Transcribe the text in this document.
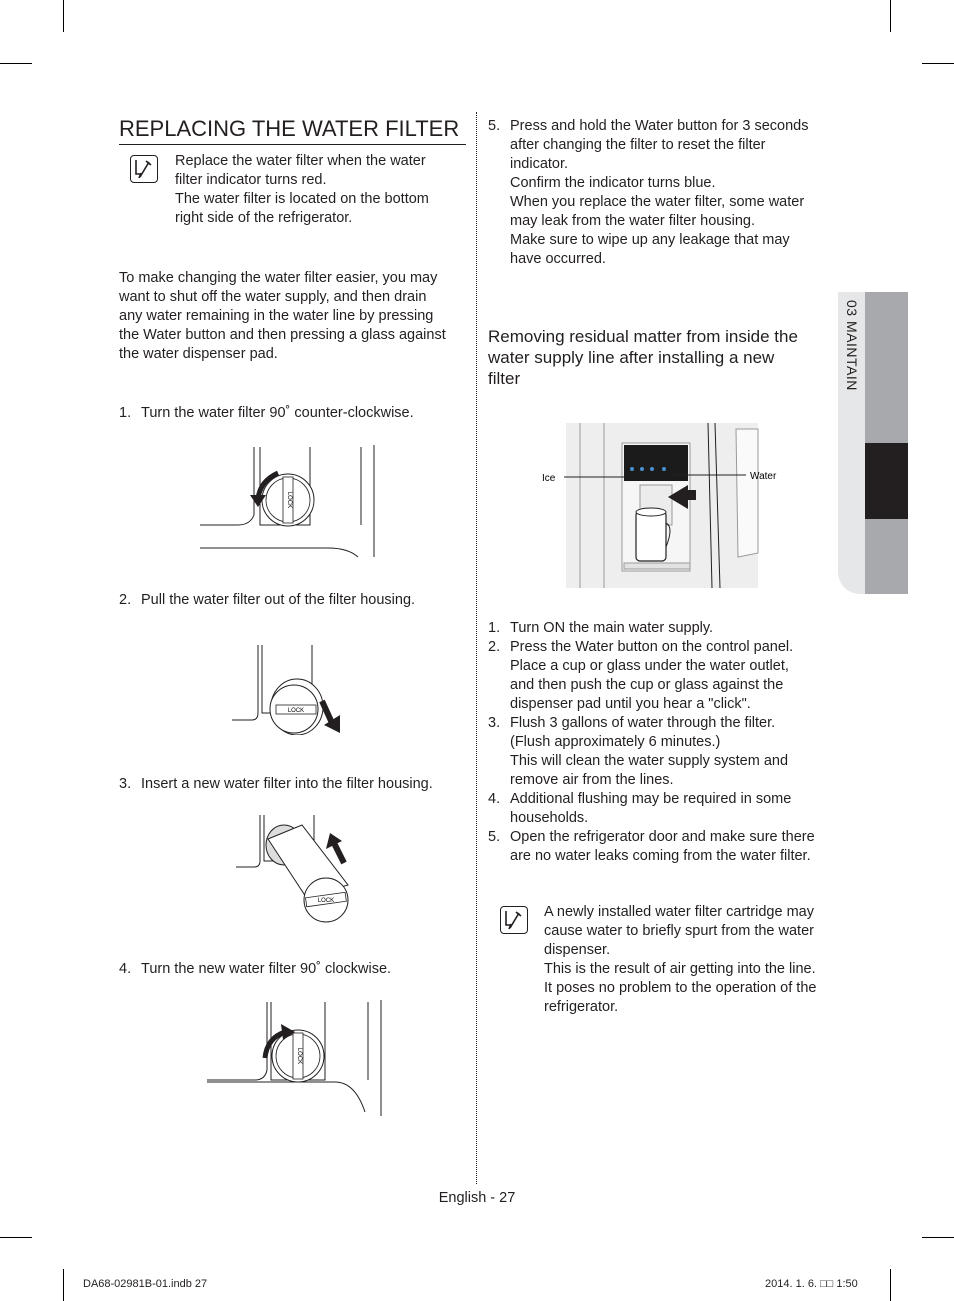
REPLACING THE WATER FILTER
Replace the water filter when the water
filter indicator turns red.
The water filter is located on the bottom
right side of the refrigerator.
To make changing the water filter easier, you may
want to shut off the water supply, and then drain
any water remaining in the water line by pressing
the Water button and then pressing a glass against
the water dispenser pad.
1. Turn the water filter 90˚ counter-clockwise.
LOCK
2. Pull the water filter out of the filter housing.
LOCK
3. Insert a new water filter into the filter housing.
LOCK
4. Turn the new water filter 90˚ clockwise.
LOCK
5. Press and hold the Water button for 3 seconds
after changing the filter to reset the filter
indicator.
Confirm the indicator turns blue.
When you replace the water filter, some water
may leak from the water filter housing.
Make sure to wipe up any leakage that may
have occurred.
Removing residual matter from inside the
water supply line after installing a new
filter
Ice	Water
1. Turn ON the main water supply.
2. Press the Water button on the control panel.
Place a cup or glass under the water outlet,
and then push the cup or glass against the
dispenser pad until you hear a "click".
3. Flush 3 gallons of water through the filter.
(Flush approximately 6 minutes.)
This will clean the water supply system and
remove air from the lines.
4. Additional flushing may be required in some
households.
5. Open the refrigerator door and make sure there
are no water leaks coming from the water filter.
A newly installed water filter cartridge may
cause water to briefly spurt from the water
dispenser.
This is the result of air getting into the line.
It poses no problem to the operation of the
refrigerator.
03 MAINTAIN
English - 27
DA68-02981B-01.indb 27	2014. 1. 6. □□ 1:50
